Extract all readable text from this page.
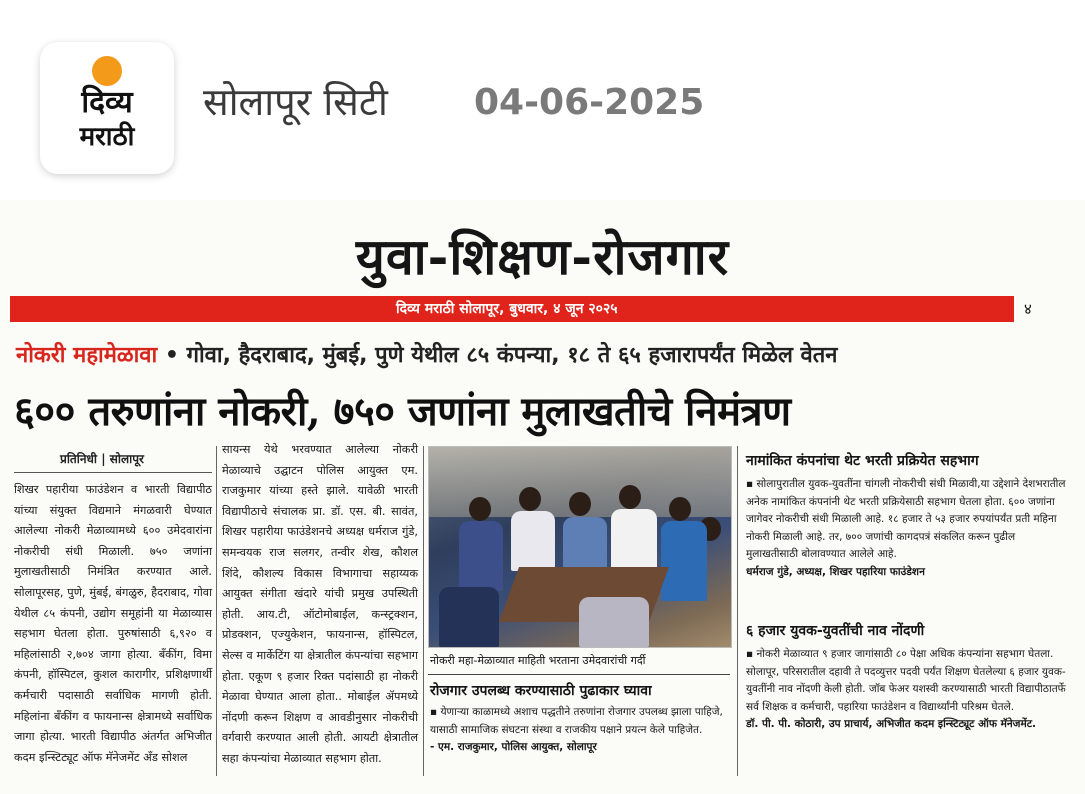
दिव्य
मराठी
सोलापूर सिटी 04-06-2025
युवा-शिक्षण-रोजगार
दिव्य मराठी सोलापूर, बुधवार, ४ जून २०२५	४
नोकरी महामेळावा • गोवा, हैदराबाद, मुंबई, पुणे येथील ८५ कंपन्या, १८ ते ६५ हजारापर्यंत मिळेल वेतन
६०० तरुणांना नोकरी, ७५० जणांना मुलाखतीचे निमंत्रण
प्रतिनिधी | सोलापूर
शिखर पहारीया फाउंडेशन व भारती विद्यापीठ यांच्या संयुक्त विद्यमाने मंगळवारी घेण्यात आलेल्या नोकरी मेळाव्यामध्ये ६०० उमेदवारांना नोकरीची संधी मिळाली. ७५० जणांना मुलाखतीसाठी निमंत्रित करण्यात आले. सोलापूरसह, पुणे, मुंबई, बंगळुरु, हैदराबाद, गोवा येथील ८५ कंपनी, उद्योग समूहांनी या मेळाव्यास सहभाग घेतला होता. पुरुषांसाठी ६,९२० व महिलांसाठी २,७०४ जागा होत्या. बँकींग, विमा कंपनी, हॉस्पिटल, कुशल कारागीर, प्रशिक्षणार्थी कर्मचारी पदासाठी सर्वाधिक मागणी होती. महिलांना बँकींग व फायनान्स क्षेत्रामध्ये सर्वाधिक जागा होत्या. भारती विद्यापीठ अंतर्गत अभिजीत कदम इन्स्टिट्यूट ऑफ मॅनेजमेंट अँड सोशल
सायन्स येथे भरवण्यात आलेल्या नोकरी मेळाव्याचे उद्घाटन पोलिस आयुक्त एम. राजकुमार यांच्या हस्ते झाले. यावेळी भारती विद्यापीठाचे संचालक प्रा. डॉ. एस. बी. सावंत, शिखर पहारीया फाउंडेशनचे अध्यक्ष धर्मराज गुंडे, समन्वयक राज सलगर, तन्वीर शेख, कौशल शिंदे, कौशल्य विकास विभागाचा सहाय्यक आयुक्त संगीता खंदारे यांची प्रमुख उपस्थिती होती. आय.टी, ऑटोमोबाईल, कन्स्ट्रक्शन, प्रोडक्शन, एज्युकेशन, फायनान्स, हॉस्पिटल, सेल्स व मार्केटिंग या क्षेत्रातील कंपन्यांचा सहभाग होता. एकूण ९ हजार रिक्त पदांसाठी हा नोकरी मेळावा घेण्यात आला होता.. मोबाईल ॲपमध्ये नोंदणी करून शिक्षण व आवडीनुसार नोकरीची वर्गवारी करण्यात आली होती. आयटी क्षेत्रातील सहा कंपन्यांचा मेळाव्यात सहभाग होता.
नोकरी महा-मेळाव्यात माहिती भरताना उमेदवारांची गर्दी
रोजगार उपलब्ध करण्यासाठी पुढाकार घ्यावा
▪ येणाऱ्या काळामध्ये अशाच पद्धतीने तरुणांना रोजगार उपलब्ध झाला पाहिजे, यासाठी सामाजिक संघटना संस्था व राजकीय पक्षाने प्रयत्न केले पाहिजेत.
- एम. राजकुमार, पोलिस आयुक्त, सोलापूर
नामांकित कंपनांचा थेट भरती प्रक्रियेत सहभाग
▪ सोलापुरातील युवक-युवतींना चांगली नोकरीची संधी मिळावी,या उद्देशाने देशभरातील अनेक नामांकित कंपनांनी थेट भरती प्रक्रियेसाठी सहभाग घेतला होता. ६०० जणांना जागेवर नोकरीची संधी मिळाली आहे. १८ हजार ते ५३ हजार रुपयांपर्यंत प्रती महिना नोकरी मिळाली आहे. तर, ७०० जणांची कागदपत्रं संकलित करून पुढील मुलाखतीसाठी बोलावण्यात आलेले आहे.
धर्मराज गुंडे, अध्यक्ष, शिखर पहारिया फाउंडेशन
६ हजार युवक-युवतींची नाव नोंदणी
▪ नोकरी मेळाव्यात ९ हजार जागांसाठी ८० पेक्षा अधिक कंपन्यांना सहभाग घेतला. सोलापूर, परिसरातील दहावी ते पदव्युत्तर पदवी पर्यंत शिक्षण घेतलेल्या ६ हजार युवक-युवतींनी नाव नोंदणी केली होती. जॉब फेअर यशस्वी करण्यासाठी भारती विद्यापीठातर्फे सर्व शिक्षक व कर्मचारी, पहारिया फाउंडेशन व विद्यार्थ्यांनी परिश्रम घेतले.
डॉ. पी. पी. कोठारी, उप प्राचार्य, अभिजीत कदम इन्स्टिट्यूट ऑफ मॅनेजमेंट.
